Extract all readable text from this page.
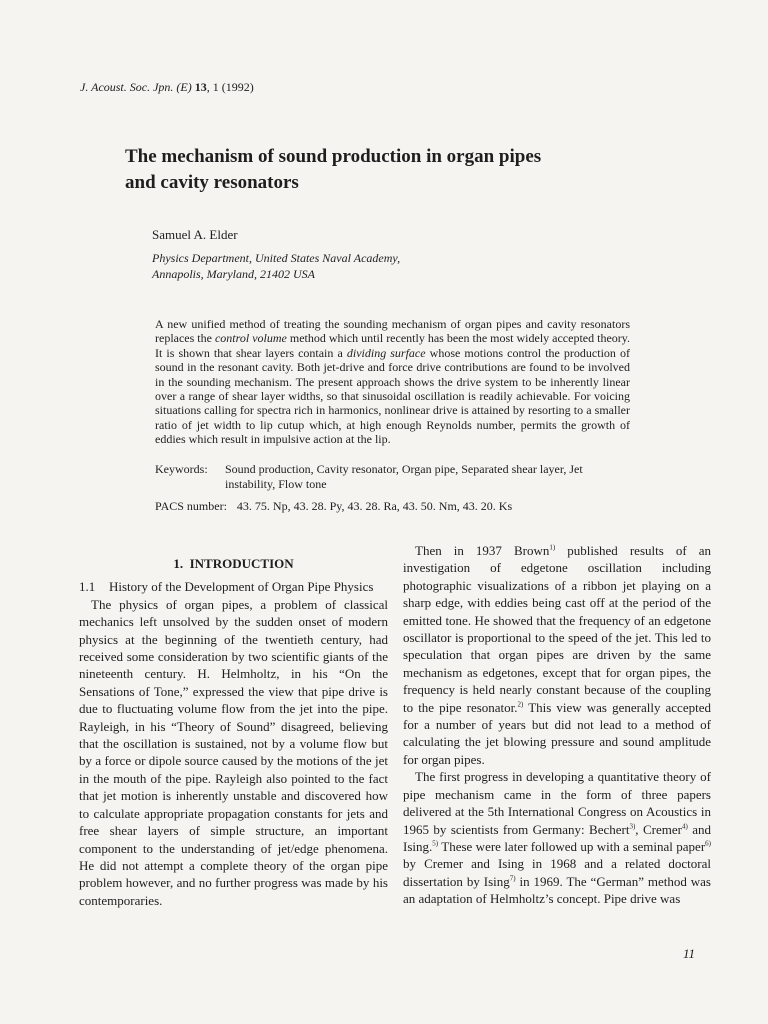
J. Acoust. Soc. Jpn. (E) 13, 1 (1992)
The mechanism of sound production in organ pipes
and cavity resonators
Samuel A. Elder
Physics Department, United States Naval Academy,
Annapolis, Maryland, 21402 USA

A new unified method of treating the sounding mechanism of organ pipes and cavity resonators replaces the control volume method which until recently has been the most widely accepted theory. It is shown that shear layers contain a dividing surface whose motions control the production of sound in the resonant cavity. Both jet-drive and force drive contributions are found to be involved in the sounding mechanism. The present approach shows the drive system to be inherently linear over a range of shear layer widths, so that sinusoidal oscillation is readily achievable. For voicing situations calling for spectra rich in harmonics, nonlinear drive is attained by resorting to a smaller ratio of jet width to lip cutup which, at high enough Reynolds number, permits the growth of eddies which result in impulsive action at the lip.

Keywords:	Sound production, Cavity resonator, Organ pipe, Separated shear layer, Jet instability, Flow tone
PACS number: 43. 75. Np, 43. 28. Py, 43. 28. Ra, 43. 50. Nm, 43. 20. Ks
1. INTRODUCTION
1.1	History of the Development of Organ Pipe Physics

The physics of organ pipes, a problem of classical mechanics left unsolved by the sudden onset of modern physics at the beginning of the twentieth century, had received some consideration by two scientific giants of the nineteenth century. H. Helmholtz, in his “On the Sensations of Tone,” expressed the view that pipe drive is due to fluctuating volume flow from the jet into the pipe. Rayleigh, in his “Theory of Sound” disagreed, believing that the oscillation is sustained, not by a volume flow but by a force or dipole source caused by the motions of the jet in the mouth of the pipe. Rayleigh also pointed to the fact that jet motion is inherently unstable and discovered how to calculate appropriate propagation constants for jets and free shear layers of simple structure, an important component to the understanding of jet/edge phenomena. He did not attempt a complete theory of the organ pipe problem however, and no further progress was made by his contemporaries.

Then in 1937 Brown$^{1)}$ published results of an investigation of edgetone oscillation including photographic visualizations of a ribbon jet playing on a sharp edge, with eddies being cast off at the period of the emitted tone. He showed that the frequency of an edgetone oscillator is proportional to the speed of the jet. This led to speculation that organ pipes are driven by the same mechanism as edgetones, except that for organ pipes, the frequency is held nearly constant because of the coupling to the pipe resonator.$^{2)}$ This view was generally accepted for a number of years but did not lead to a method of calculating the jet blowing pressure and sound amplitude for organ pipes.

The first progress in developing a quantitative theory of pipe mechanism came in the form of three papers delivered at the 5th International Congress on Acoustics in 1965 by scientists from Germany: Bechert$^{3)}$, Cremer$^{4)}$ and Ising.$^{5)}$ These were later followed up with a seminal paper$^{6)}$ by Cremer and Ising in 1968 and a related doctoral dissertation by Ising$^{7)}$ in 1969. The “German” method was an adaptation of Helmholtz’s concept. Pipe drive was

11
